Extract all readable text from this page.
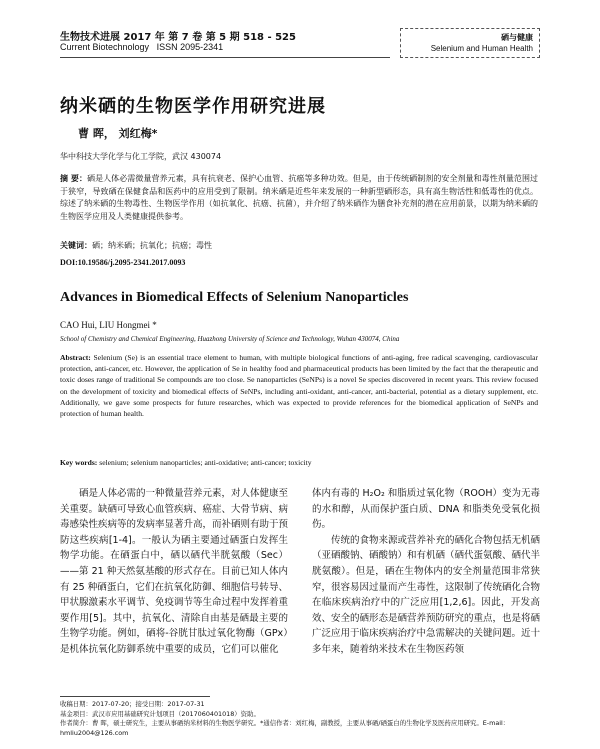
生物技术进展 2017 年 第 7 卷 第 5 期 518 - 525
Current Biotechnology ISSN 2095-2341
硒与健康
Selenium and Human Health
纳米硒的生物医学作用研究进展
曹 晖， 刘红梅*
华中科技大学化学与化工学院，武汉 430074
摘 要：硒是人体必需微量营养元素，具有抗衰老、保护心血管、抗癌等多种功效。但是，由于传统硒制剂的安全剂量和毒性剂量范围过于狭窄，导致硒在保健食品和医药中的应用受到了限制。纳米硒是近些年来发展的一种新型硒形态，具有高生物活性和低毒性的优点。综述了纳米硒的生物毒性、生物医学作用（如抗氧化、抗癌、抗菌），并介绍了纳米硒作为膳食补充剂的潜在应用前景，以期为纳米硒的生物医学应用及人类健康提供参考。
关键词：硒；纳米硒；抗氧化；抗癌；毒性
DOI:10.19586/j.2095-2341.2017.0093
Advances in Biomedical Effects of Selenium Nanoparticles
CAO Hui, LIU Hongmei *
School of Chemistry and Chemical Engineering, Huazhong University of Science and Technology, Wuhan 430074, China
Abstract: Selenium (Se) is an essential trace element to human, with multiple biological functions of anti-aging, free radical scavenging, cardiovascular protection, anti-cancer, etc. However, the application of Se in healthy food and pharmaceutical products has been limited by the fact that the therapeutic and toxic doses range of traditional Se compounds are too close. Se nanoparticles (SeNPs) is a novel Se species discovered in recent years. This review focused on the development of toxicity and biomedical effects of SeNPs, including anti-oxidant, anti-cancer, anti-bacterial, potential as a dietary supplement, etc. Additionally, we gave some prospects for future researches, which was expected to provide references for the biomedical application of SeNPs and protection of human health.
Key words: selenium; selenium nanoparticles; anti-oxidative; anti-cancer; toxicity
硒是人体必需的一种微量营养元素，对人体健康至关重要。缺硒可导致心血管疾病、癌症、大骨节病、病毒感染性疾病等的发病率显著升高，而补硒则有助于预防这些疾病[1-4]。一般认为硒主要通过硒蛋白发挥生物学功能。在硒蛋白中，硒以硒代半胱氨酸（Sec）——第 21 种天然氨基酸的形式存在。目前已知人体内有 25 种硒蛋白，它们在抗氧化防御、细胞信号转导、甲状腺激素水平调节、免疫调节等生命过程中发挥着重要作用[5]。其中，抗氧化、清除自由基是硒最主要的生物学功能。例如，硒将-谷胱甘肽过氧化物酶（GPx）是机体抗氧化防御系统中重要的成员，它们可以催化
体内有毒的 H₂O₂ 和脂质过氧化物（ROOH）变为无毒的水和醇，从而保护蛋白质、DNA 和脂类免受氧化损伤。
传统的食物来源或营养补充的硒化合物包括无机硒（亚硒酸钠、硒酸钠）和有机硒（硒代蛋氨酸、硒代半胱氨酸）。但是，硒在生物体内的安全剂量范围非常狭窄，很容易因过量而产生毒性，这限制了传统硒化合物在临床疾病治疗中的广泛应用[1,2,6]。因此，开发高效、安全的硒形态是硒营养预防研究的重点，也是将硒广泛应用于临床疾病治疗中急需解决的关键问题。近十多年来，随着纳米技术在生物医药领
收稿日期：2017-07-20；接受日期：2017-07-31
基金项目：武汉市应用基础研究计划项目（2017060401018）资助。
作者简介：曹 晖，硕士研究生，主要从事硒纳米材料的生物医学研究。*通信作者：刘红梅，副教授，主要从事硒/硒蛋白的生物化学及医药应用研究。E-mail：hmliu2004@126.com
